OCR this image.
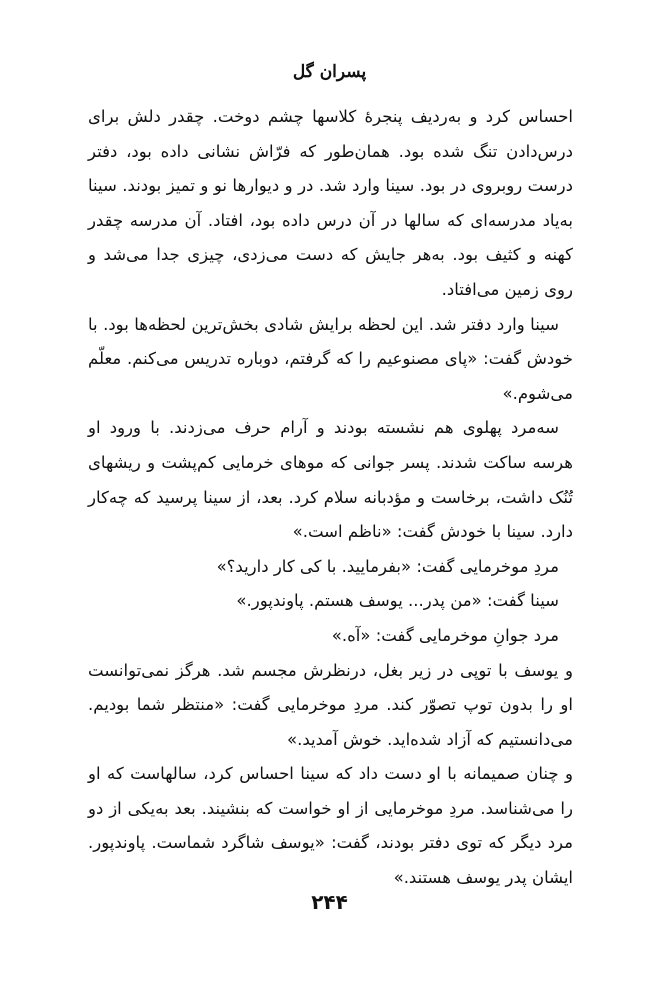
پسران گل

احساس کرد و به‌ردیف پنجرهٔ کلاسها چشم دوخت. چقدر دلش برای درس‌دادن تنگ شده بود. همان‌طور که فرّاش نشانی داده بود، دفتر درست روبروی در بود. سینا وارد شد. در و دیوارها نو و تمیز بودند. سینا به‌یاد مدرسه‌ای که سالها در آن درس داده بود، افتاد. آن مدرسه چقدر کهنه و کثیف بود. به‌هر جایش که دست می‌زدی، چیزی جدا می‌شد و روی زمین می‌افتاد.

سینا وارد دفتر شد. این لحظه برایش شادی بخش‌ترین لحظه‌ها بود. با خودش گفت: «پای مصنوعیم را که گرفتم، دوباره تدریس می‌کنم. معلّم می‌شوم.»

سه‌مرد پهلوی هم نشسته بودند و آرام حرف می‌زدند. با ورود او هرسه ساکت شدند. پسر جوانی که موهای خرمایی کم‌پشت و ریشهای تُنُک داشت، برخاست و مؤدبانه سلام کرد. بعد، از سینا پرسید که چه‌کار دارد. سینا با خودش گفت: «ناظم است.»

مردِ موخرمایی گفت: «بفرمایید. با کی کار دارید؟»

سینا گفت: «من پدر... یوسف هستم. پاوندپور.»

مرد جوانِ موخرمایی گفت: «آه.»

و یوسف با توپی در زیر بغل، درنظرش مجسم شد. هرگز نمی‌توانست او را بدون توپ تصوّر کند. مردِ موخرمایی گفت: «منتظر شما بودیم. می‌دانستیم که آزاد شده‌اید. خوش آمدید.»

و چنان صمیمانه با او دست داد که سینا احساس کرد، سالهاست که او را می‌شناسد. مردِ موخرمایی از او خواست که بنشیند. بعد به‌یکی از دو مرد دیگر که توی دفتر بودند، گفت: «یوسف شاگرد شماست. پاوندپور. ایشان پدر یوسف هستند.»

۲۴۴
